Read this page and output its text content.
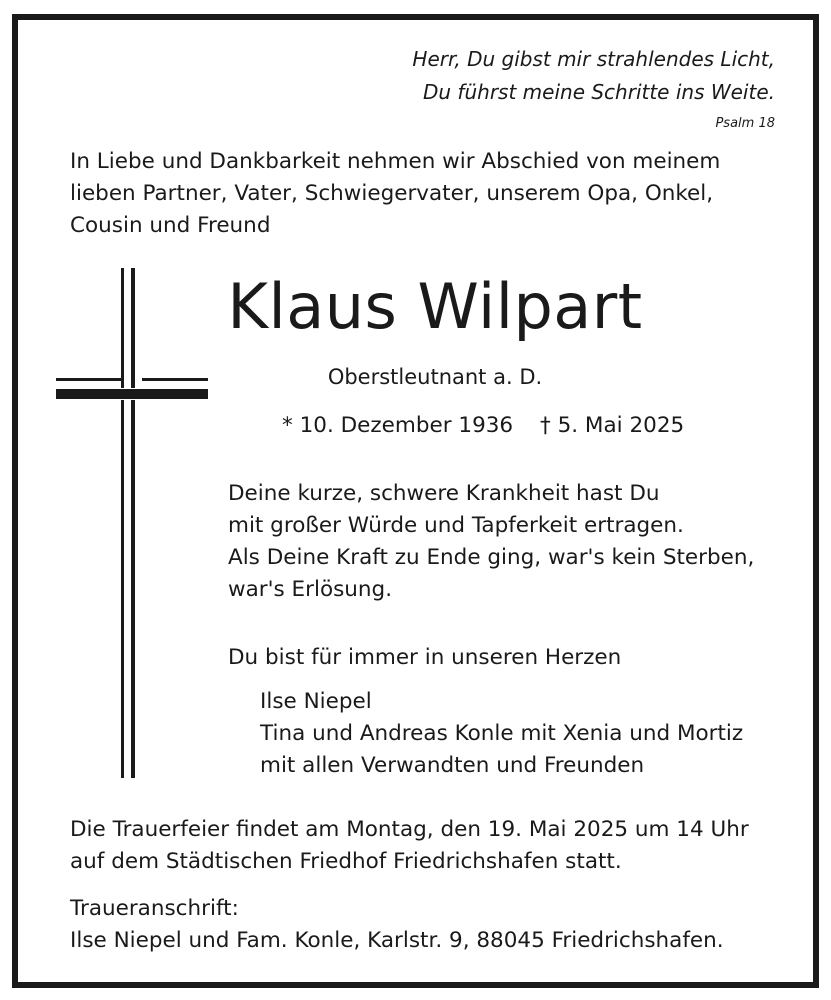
Herr, Du gibst mir strahlendes Licht,
Du führst meine Schritte ins Weite.
Psalm 18
In Liebe und Dankbarkeit nehmen wir Abschied von meinem
lieben Partner, Vater, Schwiegervater, unserem Opa, Onkel,
Cousin und Freund
Klaus Wilpart
Oberstleutnant a. D.
* 10. Dezember 1936 † 5. Mai 2025
Deine kurze, schwere Krankheit hast Du
mit großer Würde und Tapferkeit ertragen.
Als Deine Kraft zu Ende ging, war's kein Sterben,
war's Erlösung.
Du bist für immer in unseren Herzen
Ilse Niepel
Tina und Andreas Konle mit Xenia und Mortiz
mit allen Verwandten und Freunden
Die Trauerfeier findet am Montag, den 19. Mai 2025 um 14 Uhr
auf dem Städtischen Friedhof Friedrichshafen statt.
Traueranschrift:
Ilse Niepel und Fam. Konle, Karlstr. 9, 88045 Friedrichshafen.
